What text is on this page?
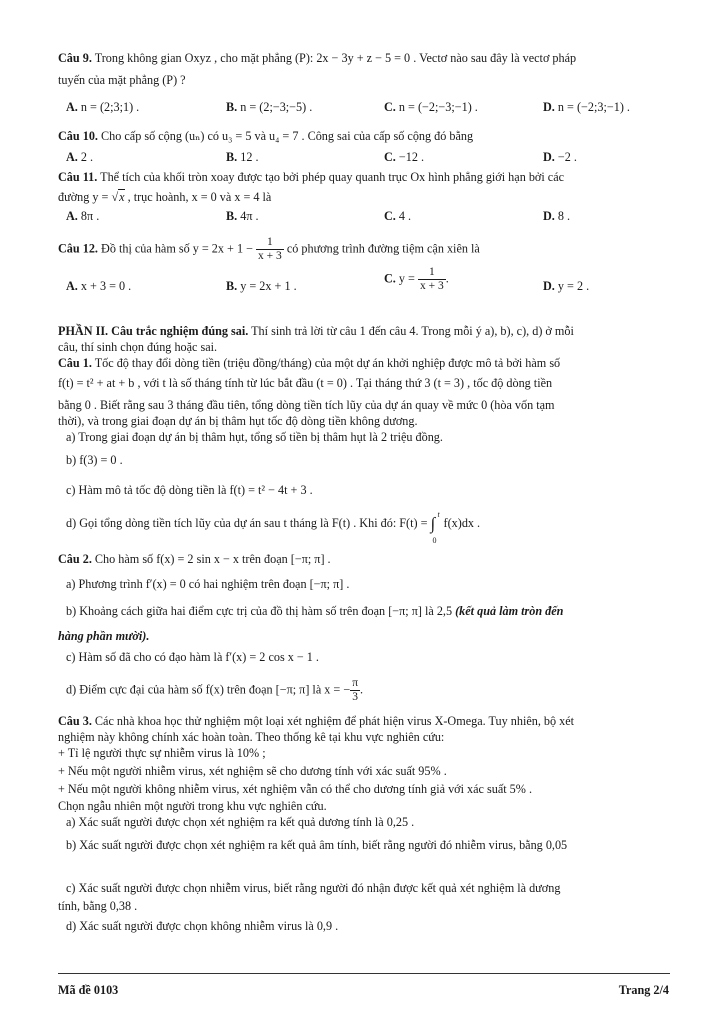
Câu 9. Trong không gian Oxyz , cho mặt phẳng (P): 2x − 3y + z − 5 = 0 . Vectơ nào sau đây là vectơ pháp
tuyến của mặt phẳng (P) ?
A. n = (2;3;1) .	B. n = (2;−3;−5) .	C. n = (−2;−3;−1) .	D. n = (−2;3;−1) .
Câu 10. Cho cấp số cộng (uₙ) có u₃ = 5 và u₄ = 7 . Công sai của cấp số cộng đó bằng
A. 2 .	B. 12 .	C. −12 .	D. −2 .
Câu 11. Thể tích của khối tròn xoay được tạo bởi phép quay quanh trục Ox hình phẳng giới hạn bởi các
đường y = √x , trục hoành, x = 0 và x = 4 là
A. 8π .	B. 4π .	C. 4 .	D. 8 .
Câu 12. Đồ thị của hàm số $y = 2x + 1 - \frac{1}{x + 3}$ có phương trình đường tiệm cận xiên là
A. x + 3 = 0 .	B. y = 2x + 1 .
C. $y = \frac{1}{x + 3}$ .
D. y = 2 .
PHẦN II. Câu trắc nghiệm đúng sai. Thí sinh trả lời từ câu 1 đến câu 4. Trong mỗi ý a), b), c), d) ở mỗi
câu, thí sinh chọn đúng hoặc sai.
Câu 1. Tốc độ thay đổi dòng tiền (triệu đồng/tháng) của một dự án khởi nghiệp được mô tả bởi hàm số
f(t) = t² + at + b , với t là số tháng tính từ lúc bắt đầu (t = 0) . Tại tháng thứ 3 (t = 3) , tốc độ dòng tiền
bằng 0 . Biết rằng sau 3 tháng đầu tiên, tổng dòng tiền tích lũy của dự án quay về mức 0 (hòa vốn tạm
thời), và trong giai đoạn dự án bị thâm hụt tốc độ dòng tiền không dương.
a) Trong giai đoạn dự án bị thâm hụt, tổng số tiền bị thâm hụt là 2 triệu đồng.
b) f(3) = 0 .
c) Hàm mô tả tốc độ dòng tiền là f(t) = t² − 4t + 3 .
d) Gọi tổng dòng tiền tích lũy của dự án sau t tháng là F(t) . Khi đó: F(t) = ∫ t
0
f(x)dx .
Câu 2. Cho hàm số f(x) = 2 sin x − x trên đoạn [−π; π] .
a) Phương trình f′(x) = 0 có hai nghiệm trên đoạn [−π; π] .
b) Khoảng cách giữa hai điểm cực trị của đồ thị hàm số trên đoạn [−π; π] là 2,5 (kết quả làm tròn đến
hàng phần mười).
c) Hàm số đã cho có đạo hàm là f′(x) = 2 cos x − 1 .
d) Điểm cực đại của hàm số f(x) trên đoạn [−π; π] là x = − $\frac{\pi}{3}$ .
Câu 3. Các nhà khoa học thử nghiệm một loại xét nghiệm để phát hiện virus X-Omega. Tuy nhiên, bộ xét
nghiệm này không chính xác hoàn toàn. Theo thống kê tại khu vực nghiên cứu:
+ Tỉ lệ người thực sự nhiễm virus là 10% ;
+ Nếu một người nhiễm virus, xét nghiệm sẽ cho dương tính với xác suất 95% .
+ Nếu một người không nhiễm virus, xét nghiệm vẫn có thể cho dương tính giả với xác suất 5% .
Chọn ngẫu nhiên một người trong khu vực nghiên cứu.
a) Xác suất người được chọn xét nghiệm ra kết quả dương tính là 0,25 .
b) Xác suất người được chọn xét nghiệm ra kết quả âm tính, biết rằng người đó nhiễm virus, bằng 0,05
c) Xác suất người được chọn nhiễm virus, biết rằng người đó nhận được kết quả xét nghiệm là dương
tính, bằng 0,38 .
d) Xác suất người được chọn không nhiễm virus là 0,9 .
Mã đề 0103	Trang 2/4
